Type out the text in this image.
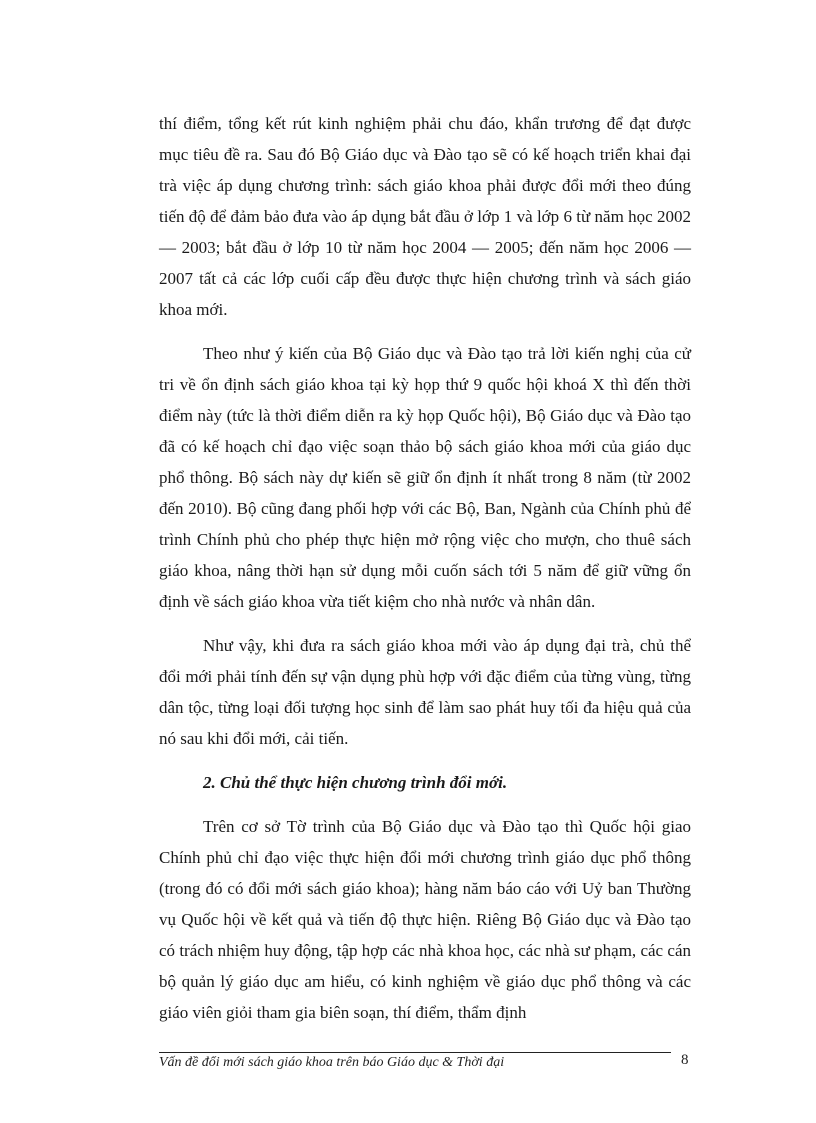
thí điểm, tổng kết rút kinh nghiệm phải chu đáo, khẩn trương để đạt được mục tiêu đề ra. Sau đó Bộ Giáo dục và Đào tạo sẽ có kế hoạch triển khai đại trà việc áp dụng chương trình: sách giáo khoa phải được đổi mới theo đúng tiến độ để đảm bảo đưa vào áp dụng bắt đầu ở lớp 1 và lớp 6 từ năm học 2002 — 2003; bắt đầu ở lớp 10 từ năm học 2004 — 2005; đến năm học 2006 — 2007 tất cả các lớp cuối cấp đều được thực hiện chương trình và sách giáo khoa mới.

Theo như ý kiến của Bộ Giáo dục và Đào tạo trả lời kiến nghị của cử tri về ổn định sách giáo khoa tại kỳ họp thứ 9 quốc hội khoá X thì đến thời điểm này (tức là thời điểm diễn ra kỳ họp Quốc hội), Bộ Giáo dục và Đào tạo đã có kế hoạch chỉ đạo việc soạn thảo bộ sách giáo khoa mới của giáo dục phổ thông. Bộ sách này dự kiến sẽ giữ ổn định ít nhất trong 8 năm (từ 2002 đến 2010). Bộ cũng đang phối hợp với các Bộ, Ban, Ngành của Chính phủ để trình Chính phủ cho phép thực hiện mở rộng việc cho mượn, cho thuê sách giáo khoa, nâng thời hạn sử dụng mỗi cuốn sách tới 5 năm để giữ vững ổn định về sách giáo khoa vừa tiết kiệm cho nhà nước và nhân dân.

Như vậy, khi đưa ra sách giáo khoa mới vào áp dụng đại trà, chủ thể đổi mới phải tính đến sự vận dụng phù hợp với đặc điểm của từng vùng, từng dân tộc, từng loại đối tượng học sinh để làm sao phát huy tối đa hiệu quả của nó sau khi đổi mới, cải tiến.

2. Chủ thể thực hiện chương trình đổi mới.

Trên cơ sở Tờ trình của Bộ Giáo dục và Đào tạo thì Quốc hội giao Chính phủ chỉ đạo việc thực hiện đổi mới chương trình giáo dục phổ thông (trong đó có đổi mới sách giáo khoa); hàng năm báo cáo với Uỷ ban Thường vụ Quốc hội về kết quả và tiến độ thực hiện. Riêng Bộ Giáo dục và Đào tạo có trách nhiệm huy động, tập hợp các nhà khoa học, các nhà sư phạm, các cán bộ quản lý giáo dục am hiểu, có kinh nghiệm về giáo dục phổ thông và các giáo viên giỏi tham gia biên soạn, thí điểm, thẩm định

Vấn đề đổi mới sách giáo khoa trên báo Giáo dục & Thời đại	8
